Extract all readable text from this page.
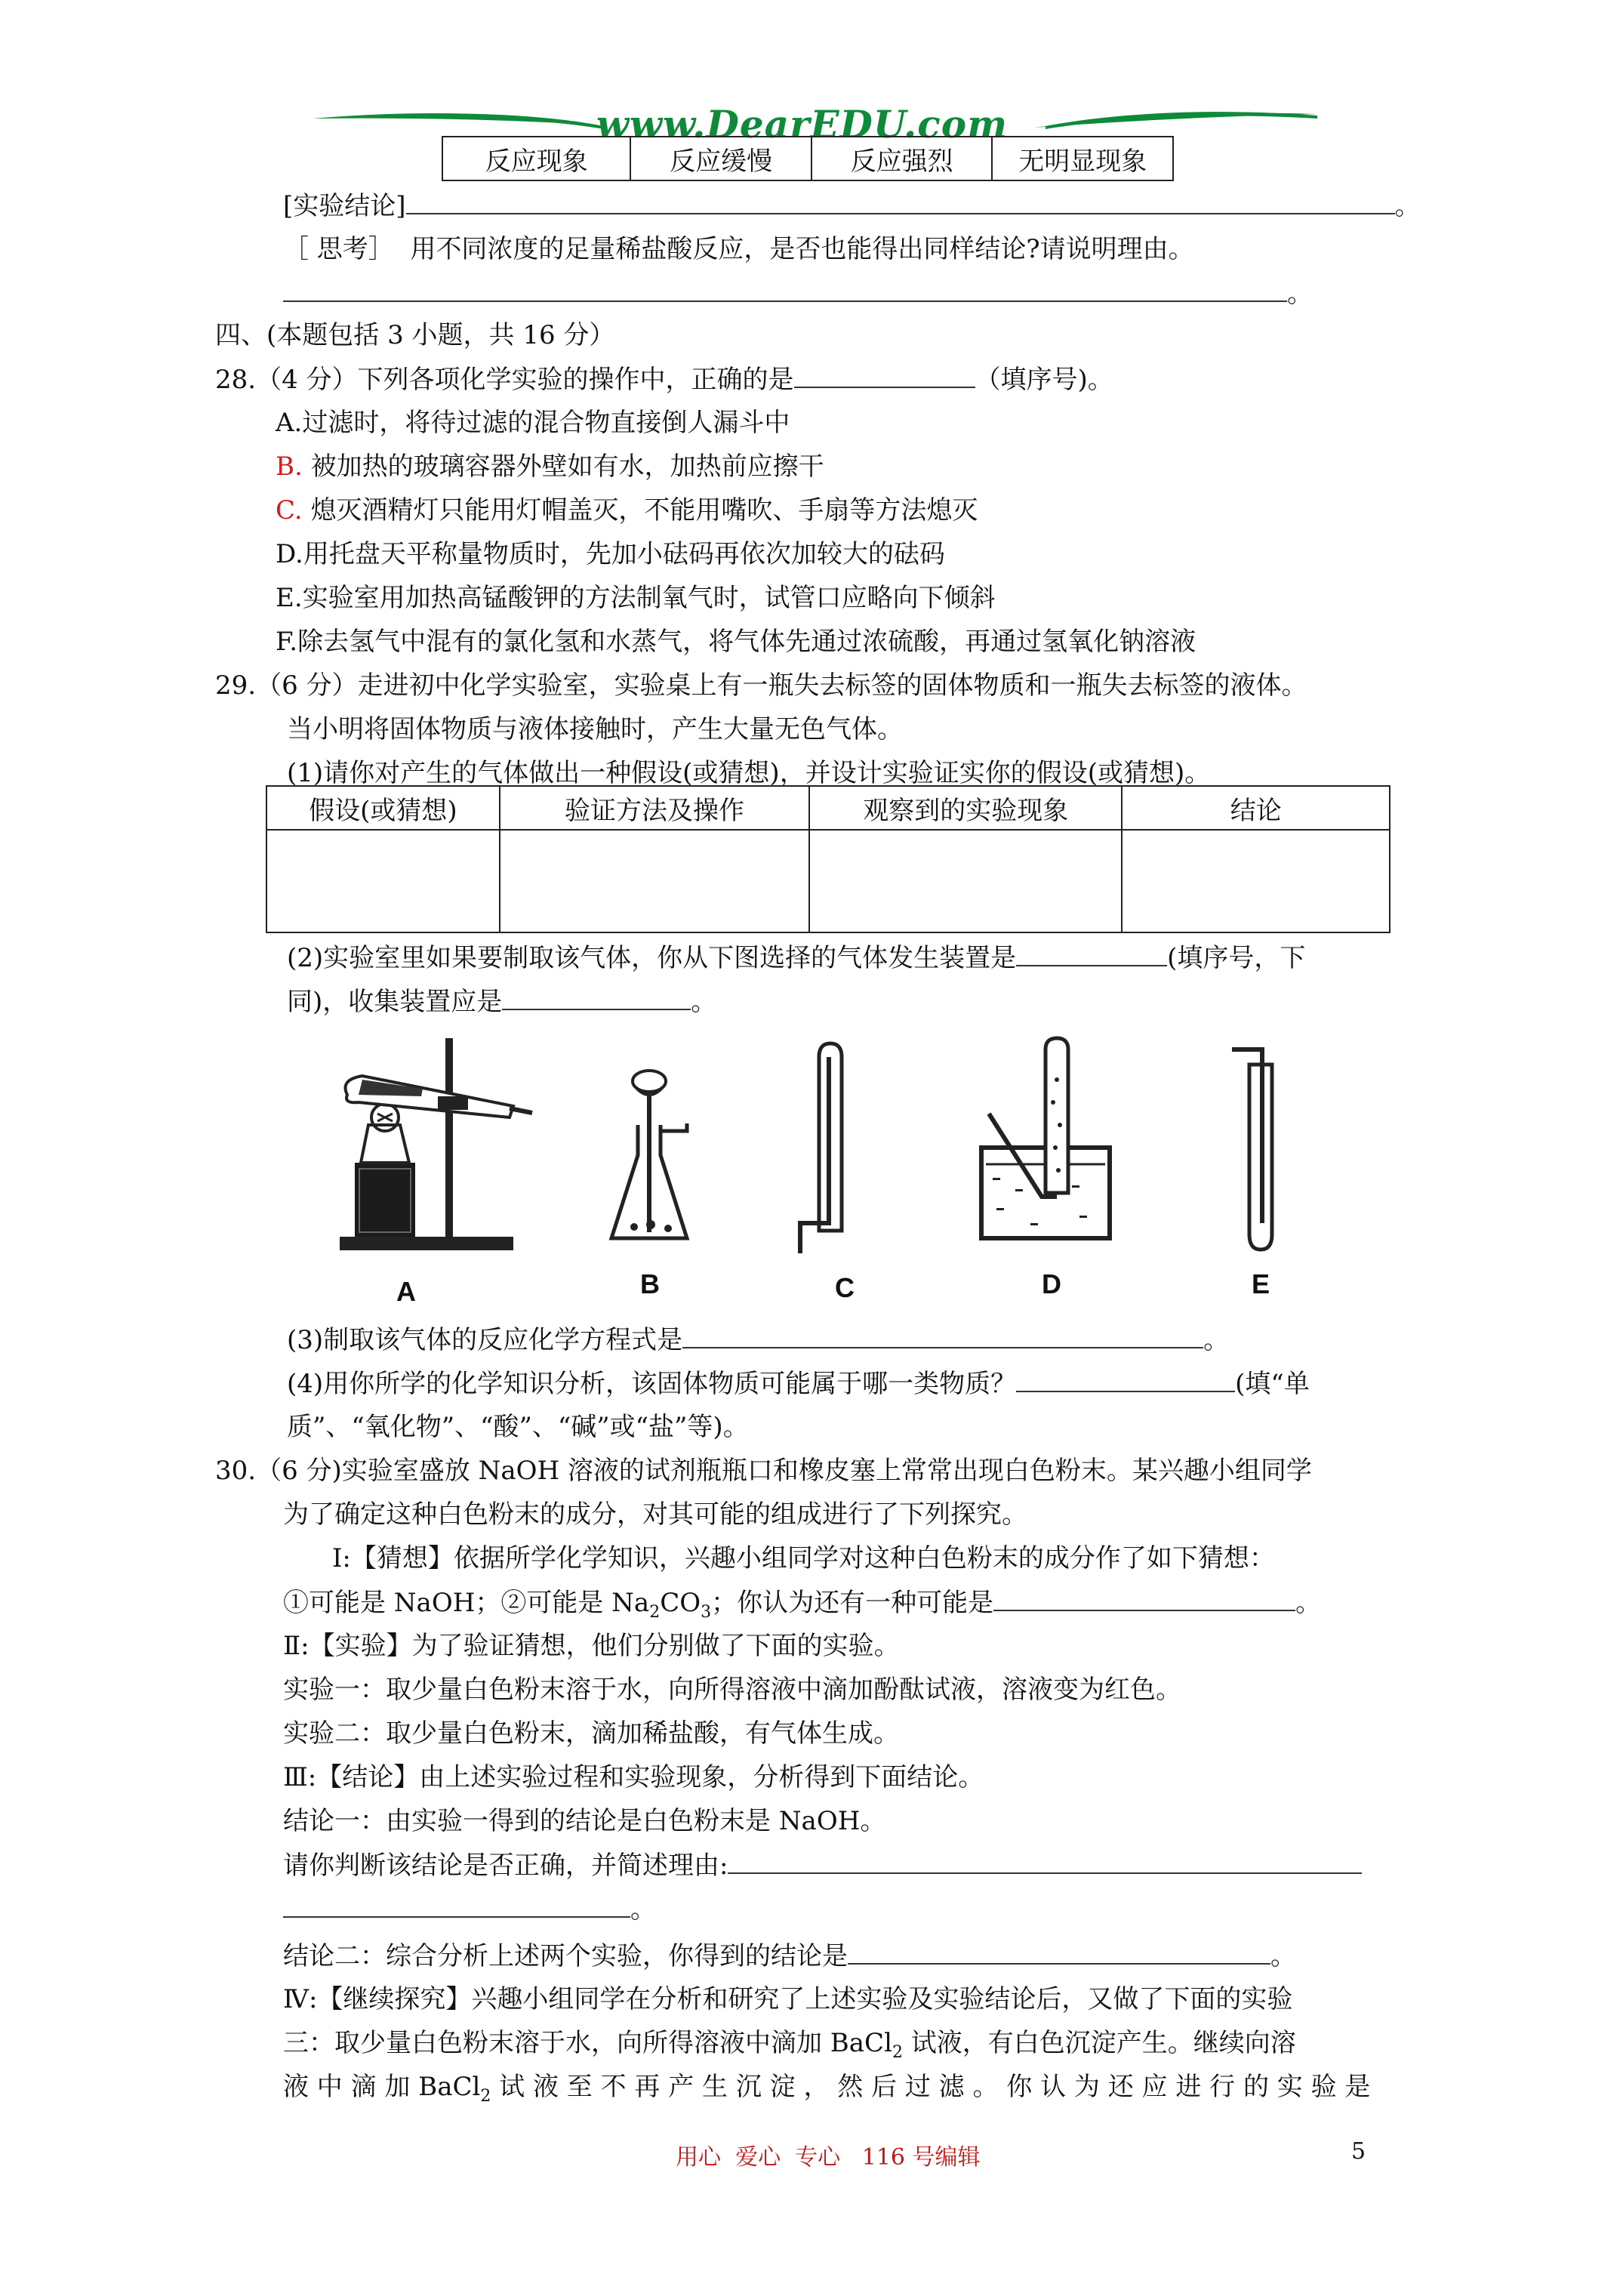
www.DearEDU.com
反应现象	反应缓慢	反应强烈	无明显现象
[实验结论]	。
［ 思考］ 用不同浓度的足量稀盐酸反应，是否也能得出同样结论?请说明理由。
。
四、(本题包括 3 小题，共 16 分）
28.（4 分）下列各项化学实验的操作中，正确的是	（填序号)。
A.过滤时，将待过滤的混合物直接倒人漏斗中
B. 被加热的玻璃容器外壁如有水，加热前应擦干
C. 熄灭酒精灯只能用灯帽盖灭，不能用嘴吹、手扇等方法熄灭
D.用托盘天平称量物质时，先加小砝码再依次加较大的砝码
E.实验室用加热高锰酸钾的方法制氧气时，试管口应略向下倾斜
F.除去氢气中混有的氯化氢和水蒸气，将气体先通过浓硫酸，再通过氢氧化钠溶液
29.（6 分）走进初中化学实验室，实验桌上有一瓶失去标签的固体物质和一瓶失去标签的液体。
当小明将固体物质与液体接触时，产生大量无色气体。
(1)请你对产生的气体做出一种假设(或猜想)，并设计实验证实你的假设(或猜想)。
假设(或猜想)	验证方法及操作	观察到的实验现象	结论

(2)实验室里如果要制取该气体，你从下图选择的气体发生装置是	(填序号，下
同)，收集装置应是	。
A	B	C	D	E
(3)制取该气体的反应化学方程式是	。
(4)用你所学的化学知识分析，该固体物质可能属于哪一类物质？	(填“单
质”、“氧化物”、“酸”、“碱”或“盐”等)。
30.（6 分)实验室盛放 NaOH 溶液的试剂瓶瓶口和橡皮塞上常常出现白色粉末。某兴趣小组同学
为了确定这种白色粉末的成分，对其可能的组成进行了下列探究。
Ⅰ:【猜想】依据所学化学知识，兴趣小组同学对这种白色粉末的成分作了如下猜想：
①可能是 NaOH；②可能是 $Na_2CO_3$；你认为还有一种可能是	。
Ⅱ:【实验】为了验证猜想，他们分别做了下面的实验。
实验一：取少量白色粉末溶于水，向所得溶液中滴加酚酞试液，溶液变为红色。
实验二：取少量白色粉末，滴加稀盐酸，有气体生成。
Ⅲ:【结论】由上述实验过程和实验现象，分析得到下面结论。
结论一：由实验一得到的结论是白色粉末是 NaOH。
请你判断该结论是否正确，并简述理由:
。
结论二：综合分析上述两个实验，你得到的结论是	。
Ⅳ:【继续探究】兴趣小组同学在分析和研究了上述实验及实验结论后，又做了下面的实验
三：取少量白色粉末溶于水，向所得溶液中滴加 BaCl$_2$ 试液，有白色沉淀产生。继续向溶
液 中 滴 加 BaCl$_2$ 试 液 至 不 再 产 生 沉 淀 ， 然 后 过 滤 。 你 认 为 还 应 进 行 的 实 验 是
用心  爱心  专心   116 号编辑	5
